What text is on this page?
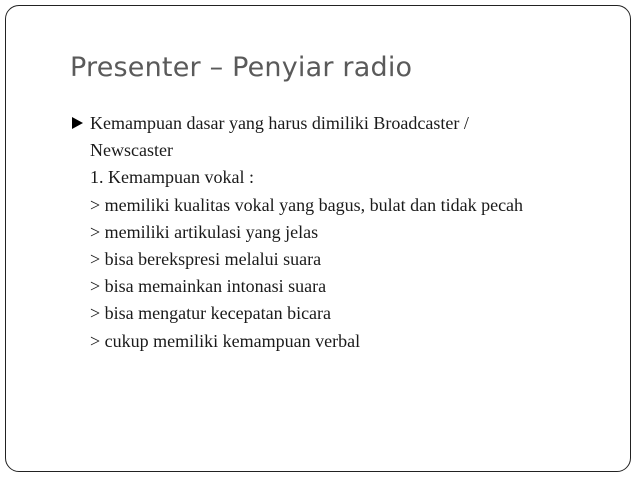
Presenter – Penyiar radio
Kemampuan dasar yang harus dimiliki Broadcaster /
Newscaster
1. Kemampuan vokal :
> memiliki kualitas vokal yang bagus, bulat dan tidak pecah
> memiliki artikulasi yang jelas
> bisa berekspresi melalui suara
> bisa memainkan intonasi suara
> bisa mengatur kecepatan bicara
> cukup memiliki kemampuan verbal
